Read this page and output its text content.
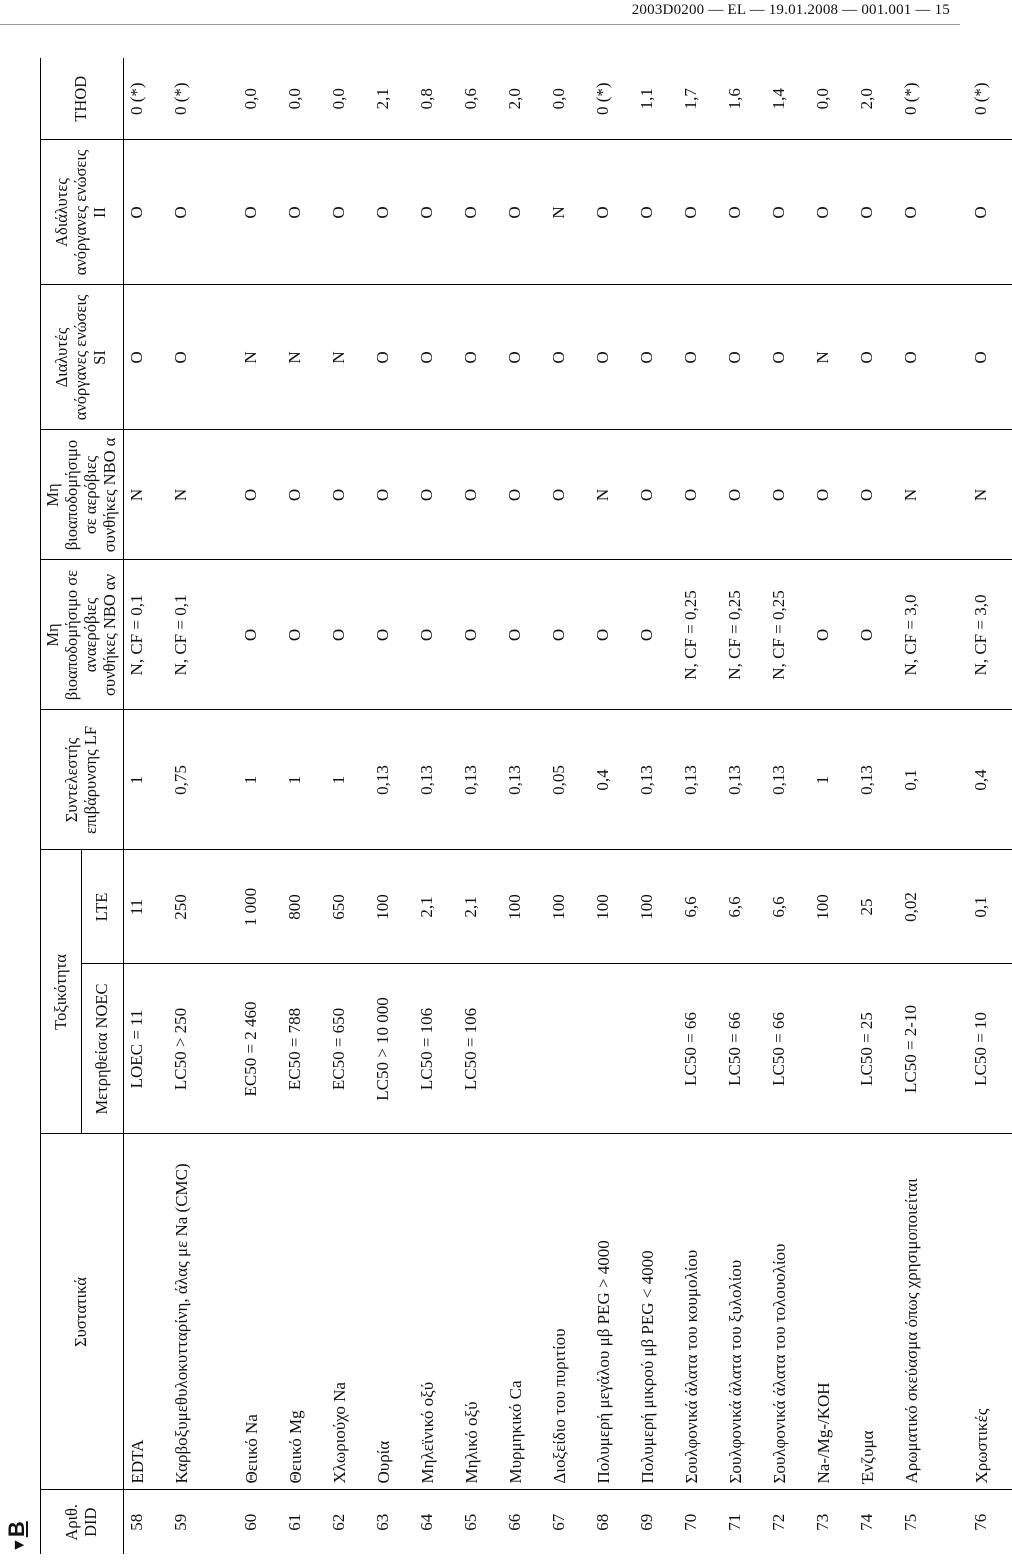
2003D0200 — EL — 19.01.2008 — 001.001 — 15
▼B Αριθ. DID	Συστατικά	Τοξικότητα		Συντελεστής επιβάρυνσης LF	Μη βιοαποδομήσιμο σε αναερόβιες συνθήκες NBO αν	Μη βιοαποδομήσιμο σε αερόβιες συνθήκες NBO α	Διαλυτές ανόργανες ενώσεις SI	Αδιάλυτες ανόργανες ενώσεις II	THOD
		Μετρηθείσα NOEC	LTE						
58	EDTA	LOEC = 11	11	1	N, CF = 0,1	N	O	O	0 (*)
59	Καρβοξυμεθυλοκυτταρίνη, άλας με Na (CMC)	LC50 > 250	250	0,75	N, CF = 0,1	N	O	O	0 (*)
60	Θειικό Na	EC50 = 2 460	1 000	1	O	O	N	O	0,0
61	Θειικό Mg	EC50 = 788	800	1	O	O	N	O	0,0
62	Χλωριούχο Na	EC50 = 650	650	1	O	O	N	O	0,0
63	Ουρία	LC50 > 10 000	100	0,13	O	O	O	O	2,1
64	Μηλεϊνικό οξύ	LC50 = 106	2,1	0,13	O	O	O	O	0,8
65	Μηλικό οξύ	LC50 = 106	2,1	0,13	O	O	O	O	0,6
66	Μυρμηκικό Ca		100	0,13	O	O	O	O	2,0
67	Διοξείδιο του πυριτίου		100	0,05	O	O	O	N	0,0
68	Πολυμερή μεγάλου μβ PEG > 4000		100	0,4	O	N	O	O	0 (*)
69	Πολυμερή μικρού μβ PEG < 4000		100	0,13	O	O	O	O	1,1
70	Σουλφονικά άλατα του κουμολίου	LC50 = 66	6,6	0,13	N, CF = 0,25	O	O	O	1,7
71	Σουλφονικά άλατα του ξυλολίου	LC50 = 66	6,6	0,13	N, CF = 0,25	O	O	O	1,6
72	Σουλφονικά άλατα του τολουολίου	LC50 = 66	6,6	0,13	N, CF = 0,25	O	O	O	1,4
73	Na-/Mg-/KOH		100	1	O	O	N	O	0,0
74	Ένζυμα	LC50 = 25	25	0,13	O	O	O	O	2,0
75	Αρωματικό σκεύασμα όπως χρησιμοποιείται	LC50 = 2-10	0,02	0,1	N, CF = 3,0	N	O	O	0 (*)
76	Χρωστικές	LC50 = 10	0,1	0,4	N, CF = 3,0	N	O	O	0 (*)
